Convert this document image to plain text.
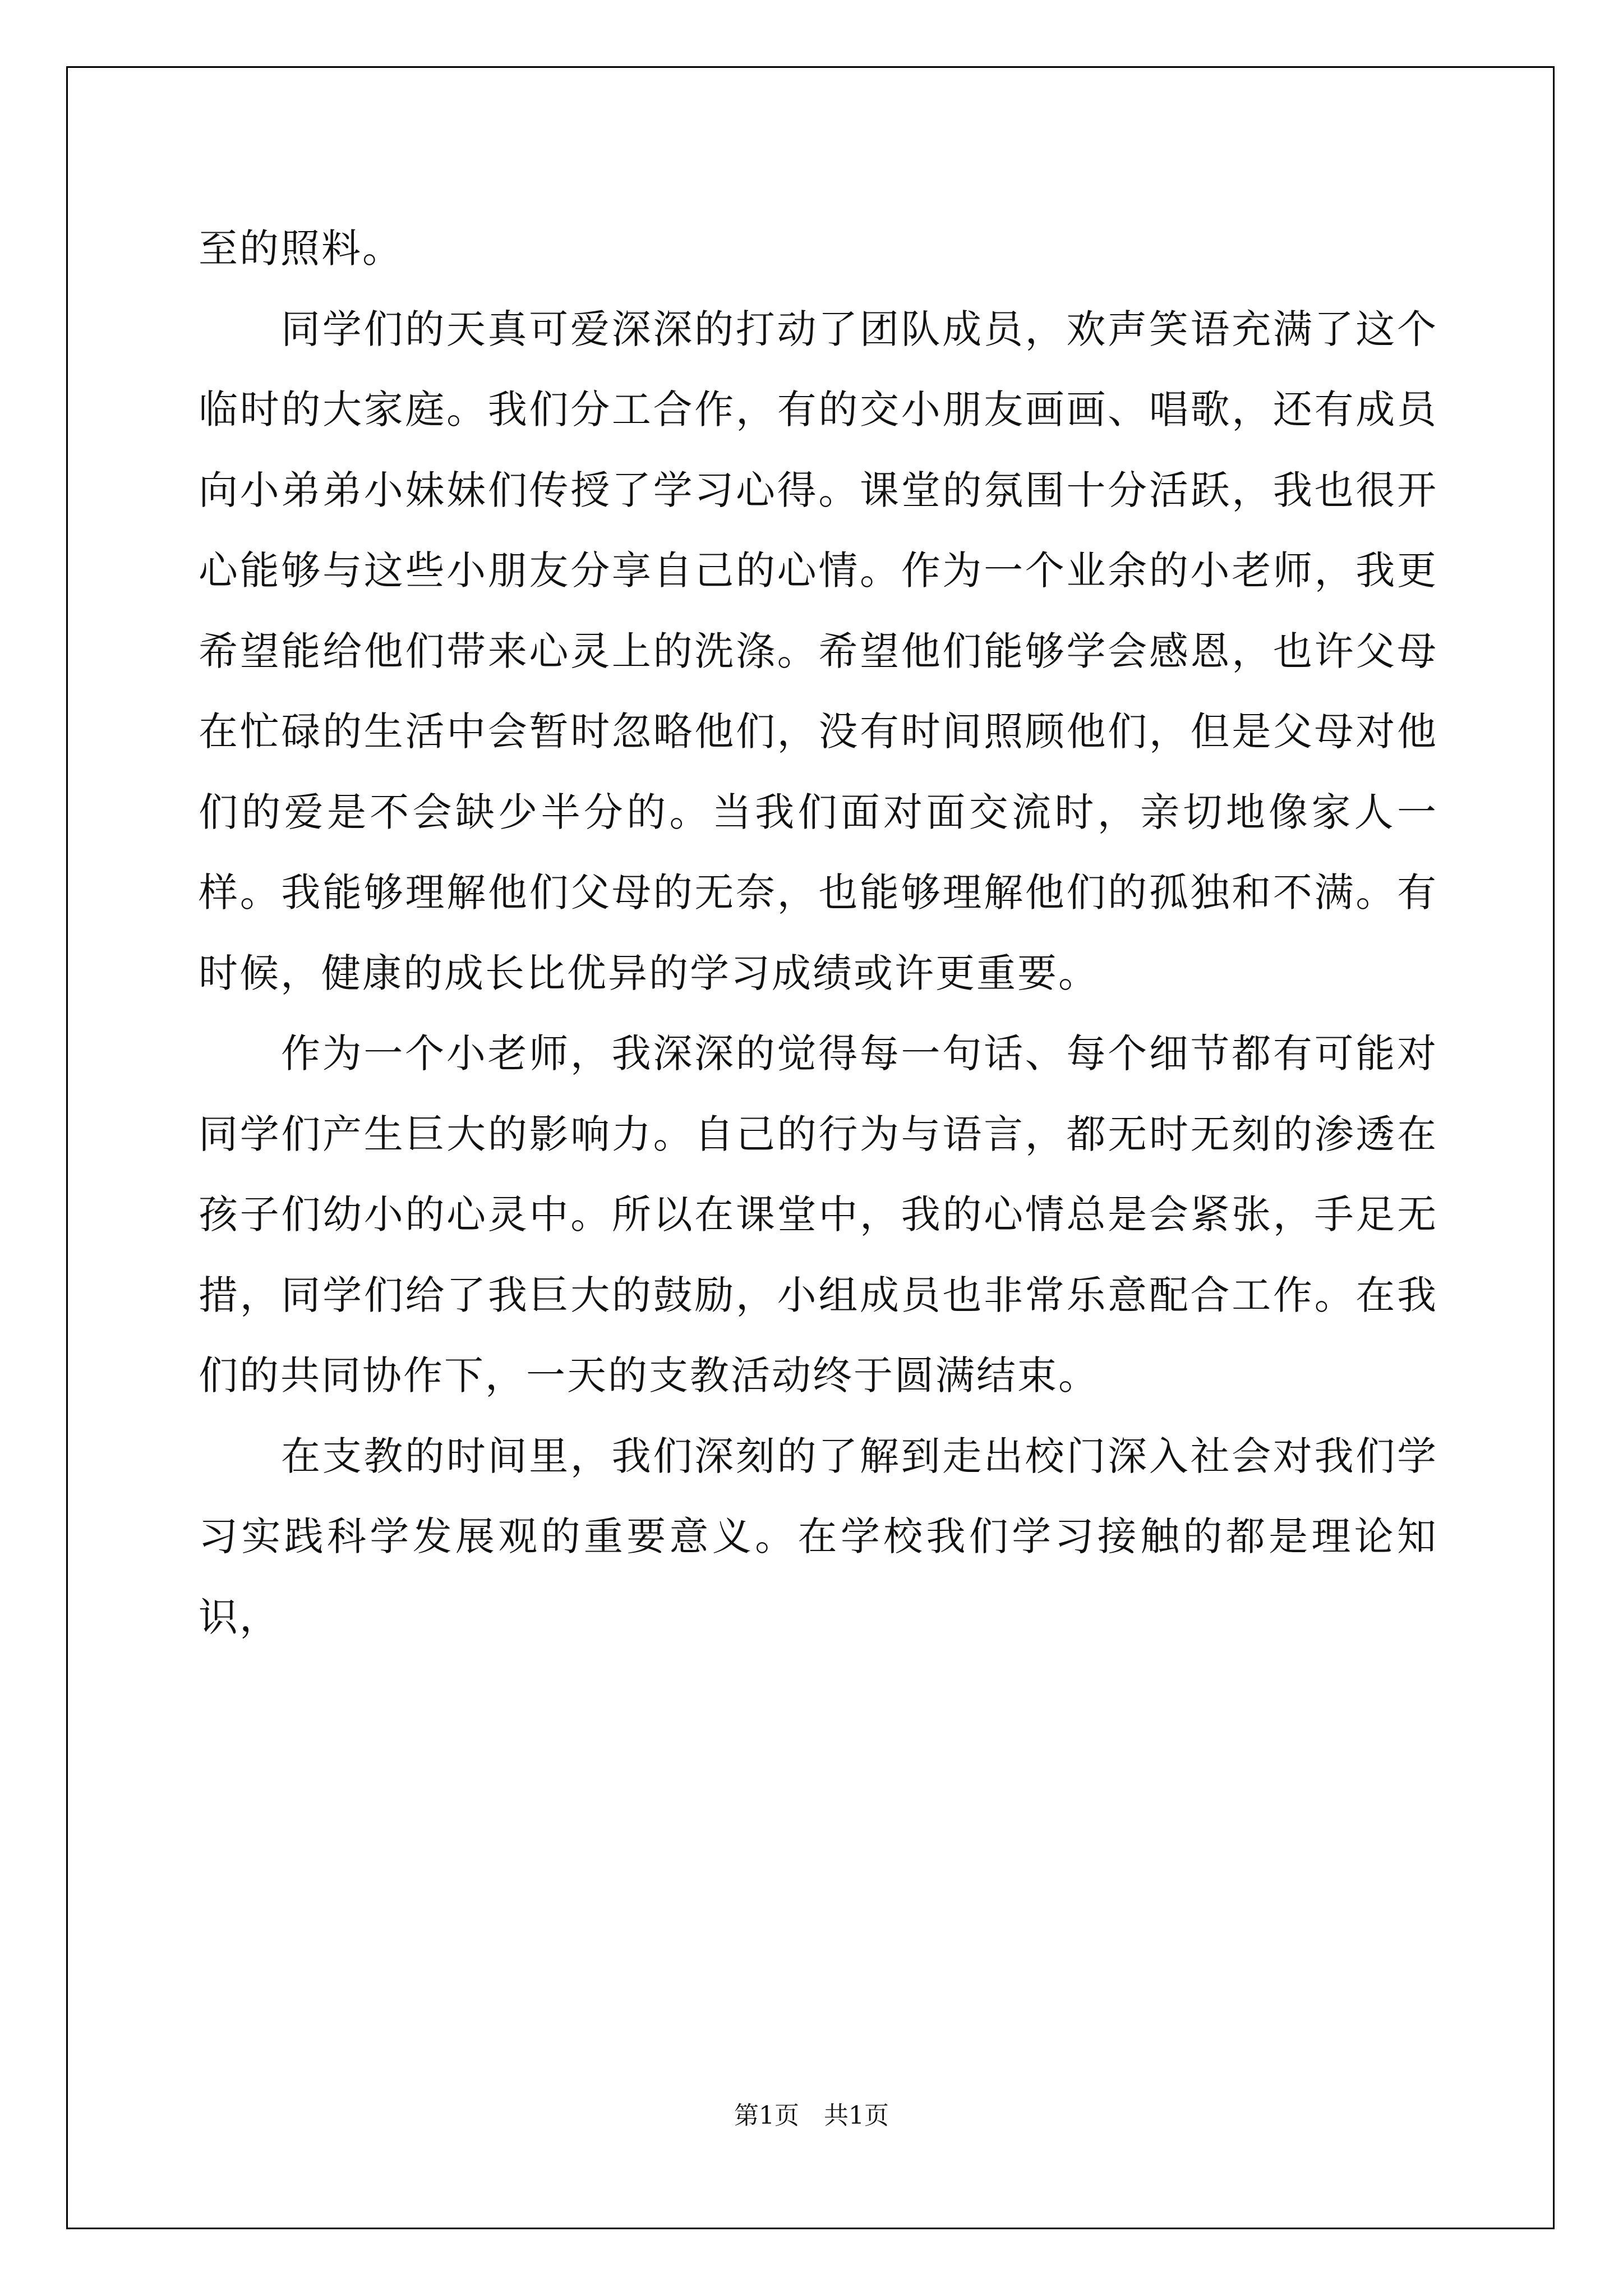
至的照料。

同学们的天真可爱深深的打动了团队成员，欢声笑语充满了这个临时的大家庭。我们分工合作，有的交小朋友画画、唱歌，还有成员向小弟弟小妹妹们传授了学习心得。课堂的氛围十分活跃，我也很开心能够与这些小朋友分享自己的心情。作为一个业余的小老师，我更希望能给他们带来心灵上的洗涤。希望他们能够学会感恩，也许父母在忙碌的生活中会暂时忽略他们，没有时间照顾他们，但是父母对他们的爱是不会缺少半分的。当我们面对面交流时，亲切地像家人一样。我能够理解他们父母的无奈，也能够理解他们的孤独和不满。有时候，健康的成长比优异的学习成绩或许更重要。

作为一个小老师，我深深的觉得每一句话、每个细节都有可能对同学们产生巨大的影响力。自己的行为与语言，都无时无刻的渗透在孩子们幼小的心灵中。所以在课堂中，我的心情总是会紧张，手足无措，同学们给了我巨大的鼓励，小组成员也非常乐意配合工作。在我们的共同协作下，一天的支教活动终于圆满结束。

在支教的时间里，我们深刻的了解到走出校门深入社会对我们学习实践科学发展观的重要意义。在学校我们学习接触的都是理论知识，

第1页　共1页
